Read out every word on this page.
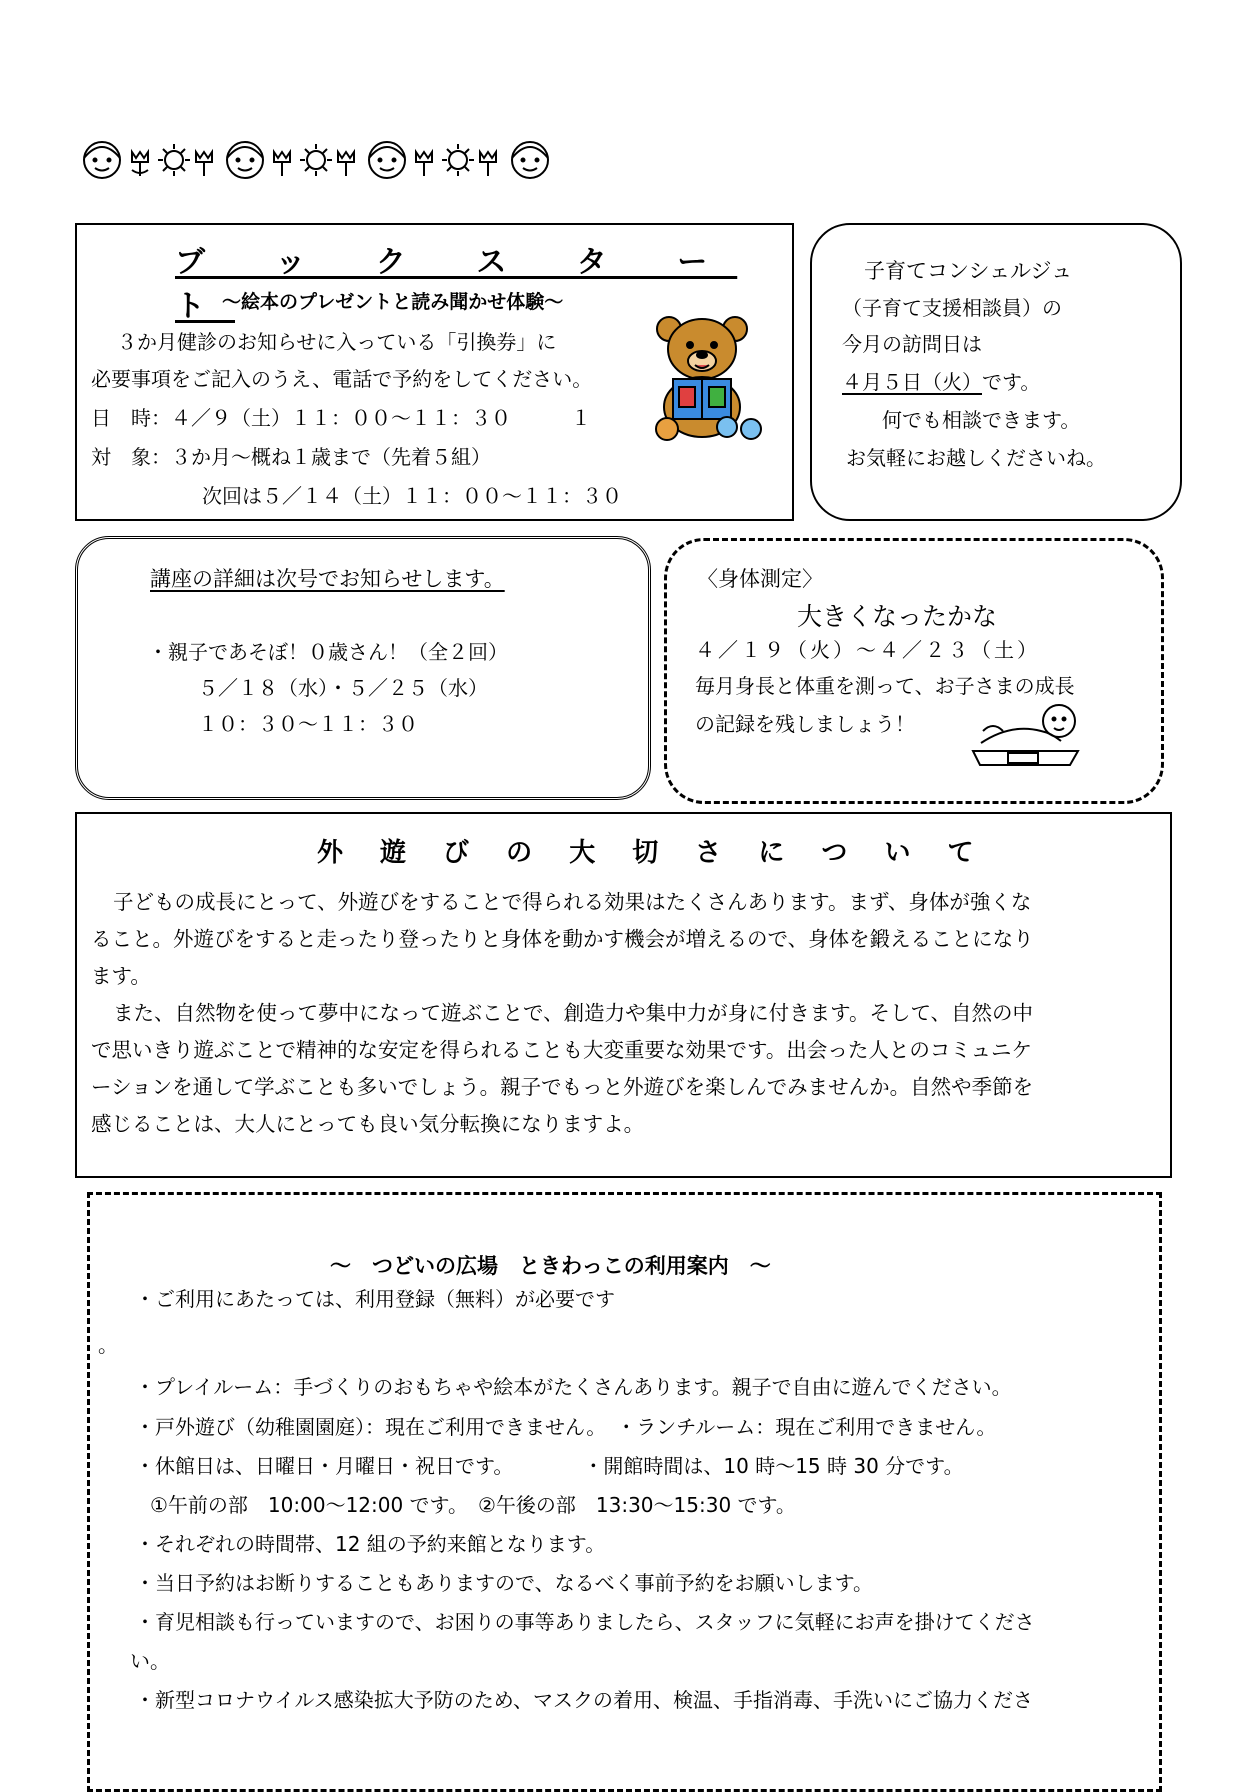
ブ ッ ク ス タ ー ト
～絵本のプレゼントと読み聞かせ体験～
３か月健診のお知らせに入っている「引換券」に
必要事項をご記入のうえ、電話で予約をしてください。
日　時：４／９（土）１１：００～１１：３０　　　１
対　象：３か月～概ね１歳まで（先着５組）
次回は５／１４（土）１１：００～１１：３０
子育てコンシェルジュ
（子育て支援相談員）の
今月の訪問日は
４月５日（火）です。
何でも相談できます。
お気軽にお越しくださいね。
講座の詳細は次号でお知らせします。
・親子であそぼ！０歳さん！（全２回）
５／１８（水）・５／２５（水）
１０：３０～１１：３０
〈身体測定〉
大きくなったかな
４／１９（火）～４／２３（土）
毎月身長と体重を測って、お子さまの成長
の記録を残しましょう！
外 遊 び の 大 切 さ に つ い て
子どもの成長にとって、外遊びをすることで得られる効果はたくさんあります。まず、身体が強くな
ること。外遊びをすると走ったり登ったりと身体を動かす機会が増えるので、身体を鍛えることになり
ます。
また、自然物を使って夢中になって遊ぶことで、創造力や集中力が身に付きます。そして、自然の中
で思いきり遊ぶことで精神的な安定を得られることも大変重要な効果です。出会った人とのコミュニケ
ーションを通して学ぶことも多いでしょう。親子でもっと外遊びを楽しんでみませんか。自然や季節を
感じることは、大人にとっても良い気分転換になりますよ。
～　つどいの広場　ときわっこの利用案内　～
・ご利用にあたっては、利用登録（無料）が必要です
。
・プレイルーム：手づくりのおもちゃや絵本がたくさんあります。親子で自由に遊んでください。
・戸外遊び（幼稚園園庭）：現在ご利用できません。　・ランチルーム：現在ご利用できません。
・休館日は、日曜日・月曜日・祝日です。　　　　・開館時間は、10 時～15 時 30 分です。
①午前の部　10:00～12:00 です。　②午後の部　13:30～15:30 です。
・それぞれの時間帯、12 組の予約来館となります。
・当日予約はお断りすることもありますので、なるべく事前予約をお願いします。
・育児相談も行っていますので、お困りの事等ありましたら、スタッフに気軽にお声を掛けてくださ
い。
・新型コロナウイルス感染拡大予防のため、マスクの着用、検温、手指消毒、手洗いにご協力くださ
